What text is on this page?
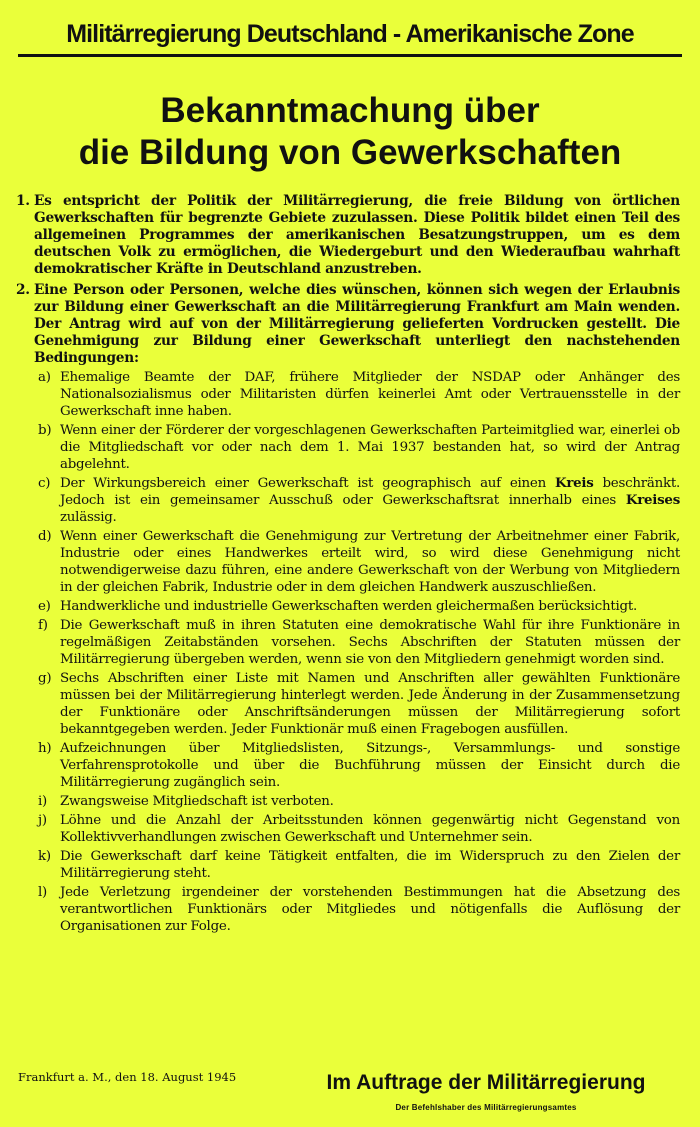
Militärregierung Deutschland - Amerikanische Zone
Bekanntmachung über
die Bildung von Gewerkschaften
1. Es entspricht der Politik der Militärregierung, die freie Bildung von örtlichen Gewerkschaften für begrenzte Gebiete zuzulassen. Diese Politik bildet einen Teil des allgemeinen Programmes der amerikanischen Besatzungstruppen, um es dem deutschen Volk zu ermöglichen, die Wiedergeburt und den Wiederaufbau wahrhaft demokratischer Kräfte in Deutschland anzustreben.
2. Eine Person oder Personen, welche dies wünschen, können sich wegen der Erlaubnis zur Bildung einer Gewerkschaft an die Militärregierung Frankfurt am Main wenden. Der Antrag wird auf von der Militärregierung gelieferten Vordrucken gestellt. Die Genehmigung zur Bildung einer Gewerkschaft unterliegt den nachstehenden Bedingungen:
a) Ehemalige Beamte der DAF, frühere Mitglieder der NSDAP oder Anhänger des Nationalsozialismus oder Militaristen dürfen keinerlei Amt oder Vertrauensstelle in der Gewerkschaft inne haben.
b) Wenn einer der Förderer der vorgeschlagenen Gewerkschaften Parteimitglied war, einerlei ob die Mitgliedschaft vor oder nach dem 1. Mai 1937 bestanden hat, so wird der Antrag abgelehnt.
c) Der Wirkungsbereich einer Gewerkschaft ist geographisch auf einen Kreis beschränkt. Jedoch ist ein gemeinsamer Ausschuß oder Gewerkschaftsrat innerhalb eines Kreises zulässig.
d) Wenn einer Gewerkschaft die Genehmigung zur Vertretung der Arbeitnehmer einer Fabrik, Industrie oder eines Handwerkes erteilt wird, so wird diese Genehmigung nicht notwendigerweise dazu führen, eine andere Gewerkschaft von der Werbung von Mitgliedern in der gleichen Fabrik, Industrie oder in dem gleichen Handwerk auszuschließen.
e) Handwerkliche und industrielle Gewerkschaften werden gleichermaßen berücksichtigt.
f) Die Gewerkschaft muß in ihren Statuten eine demokratische Wahl für ihre Funktionäre in regelmäßigen Zeitabständen vorsehen. Sechs Abschriften der Statuten müssen der Militärregierung übergeben werden, wenn sie von den Mitgliedern genehmigt worden sind.
g) Sechs Abschriften einer Liste mit Namen und Anschriften aller gewählten Funktionäre müssen bei der Militärregierung hinterlegt werden. Jede Änderung in der Zusammensetzung der Funktionäre oder Anschriftsänderungen müssen der Militärregierung sofort bekanntgegeben werden. Jeder Funktionär muß einen Fragebogen ausfüllen.
h) Aufzeichnungen über Mitgliedslisten, Sitzungs-, Versammlungs- und sonstige Verfahrensprotokolle und über die Buchführung müssen der Einsicht durch die Militärregierung zugänglich sein.
i) Zwangsweise Mitgliedschaft ist verboten.
j) Löhne und die Anzahl der Arbeitsstunden können gegenwärtig nicht Gegenstand von Kollektivverhandlungen zwischen Gewerkschaft und Unternehmer sein.
k) Die Gewerkschaft darf keine Tätigkeit entfalten, die im Widerspruch zu den Zielen der Militärregierung steht.
l) Jede Verletzung irgendeiner der vorstehenden Bestimmungen hat die Absetzung des verantwortlichen Funktionärs oder Mitgliedes und nötigenfalls die Auflösung der Organisationen zur Folge.
Frankfurt a. M., den 18. August 1945	Im Auftrage der Militärregierung
Der Befehlshaber des Militärregierungsamtes
